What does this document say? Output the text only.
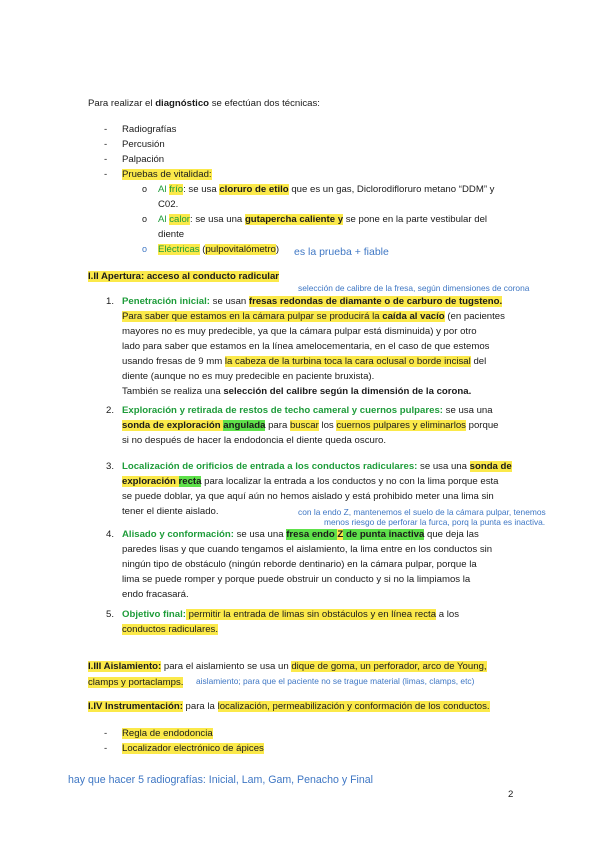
Para realizar el diagnóstico se efectúan dos técnicas:
- Radiografías
- Percusión
- Palpación
- Pruebas de vitalidad:
o Al frío: se usa cloruro de etilo que es un gas, Diclorodifloruro metano “DDM” y
C02.
o Al calor: se usa una gutapercha caliente y se pone en la parte vestibular del
diente
o Eléctricas (pulpovitalómetro) es la prueba + fiable
I.II Apertura: acceso al conducto radicular
selección de calibre de la fresa, según dimensiones de corona
1. Penetración inicial: se usan fresas redondas de diamante o de carburo de tugsteno.
Para saber que estamos en la cámara pulpar se producirá la caída al vacío (en pacientes
mayores no es muy predecible, ya que la cámara pulpar está disminuida) y por otro
lado para saber que estamos en la línea amelocementaria, en el caso de que estemos
usando fresas de 9 mm la cabeza de la turbina toca la cara oclusal o borde incisal del
diente (aunque no es muy predecible en paciente bruxista).
También se realiza una selección del calibre según la dimensión de la corona.
2. Exploración y retirada de restos de techo cameral y cuernos pulpares: se usa una
sonda de exploración angulada para buscar los cuernos pulpares y eliminarlos porque
si no después de hacer la endodoncia el diente queda oscuro.
3. Localización de orificios de entrada a los conductos radiculares: se usa una sonda de
exploración recta para localizar la entrada a los conductos y no con la lima porque esta
se puede doblar, ya que aquí aún no hemos aislado y está prohibido meter una lima sin
tener el diente aislado.	con la endo Z, mantenemos el suelo de la cámara pulpar, tenemos
menos riesgo de perforar la furca, porq la punta es inactiva.
4. Alisado y conformación: se usa una fresa endo Z de punta inactiva que deja las
paredes lisas y que cuando tengamos el aislamiento, la lima entre en los conductos sin
ningún tipo de obstáculo (ningún reborde dentinario) en la cámara pulpar, porque la
lima se puede romper y porque puede obstruir un conducto y si no la limpiamos la
endo fracasará.
5. Objetivo final: permitir la entrada de limas sin obstáculos y en línea recta a los
conductos radiculares.
I.III Aislamiento: para el aislamiento se usa un dique de goma, un perforador, arco de Young,
clamps y portaclamps. aislamiento; para que el paciente no se trague material (limas, clamps, etc)
I.IV Instrumentación: para la localización, permeabilización y conformación de los conductos.
- Regla de endodoncia
- Localizador electrónico de ápices
hay que hacer 5 radiografías: Inicial, Lam, Gam, Penacho y Final
2
